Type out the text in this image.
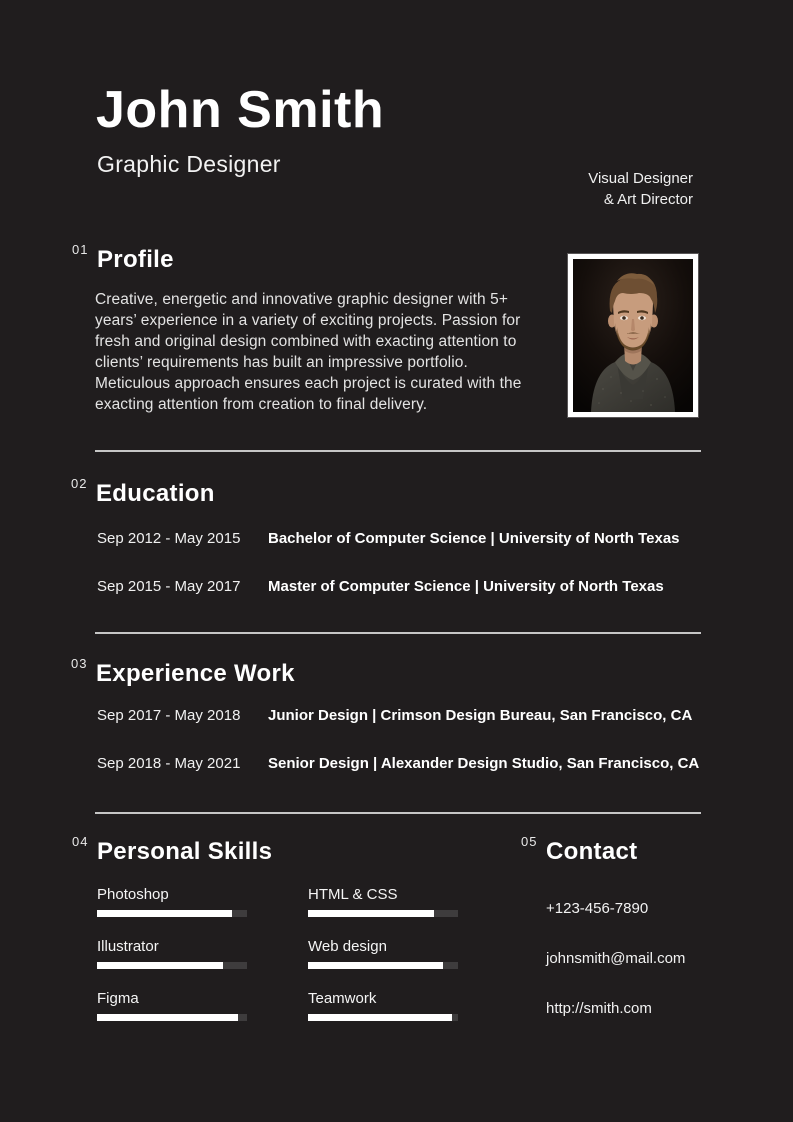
John Smith
Graphic Designer
Visual Designer
& Art Director
01 Profile

Creative, energetic and innovative graphic designer with 5+ years’ experience in a variety of exciting projects. Passion for fresh and original design combined with exacting attention to clients’ requirements has built an impressive portfolio. Meticulous approach ensures each project is curated with the exacting attention from creation to final delivery.

02 Education
Sep 2012 - May 2015	Bachelor of Computer Science | University of North Texas
Sep 2015 - May 2017	Master of Computer Science | University of North Texas
03 Experience Work
Sep 2017 - May 2018	Junior Design | Crimson Design Bureau, San Francisco, CA
Sep 2018 - May 2021	Senior Design | Alexander Design Studio, San Francisco, CA
04 Personal Skills
Photoshop	HTML & CSS
Illustrator	Web design
Figma	Teamwork
05 Contact
+123-456-7890
johnsmith@mail.com
http://smith.com
